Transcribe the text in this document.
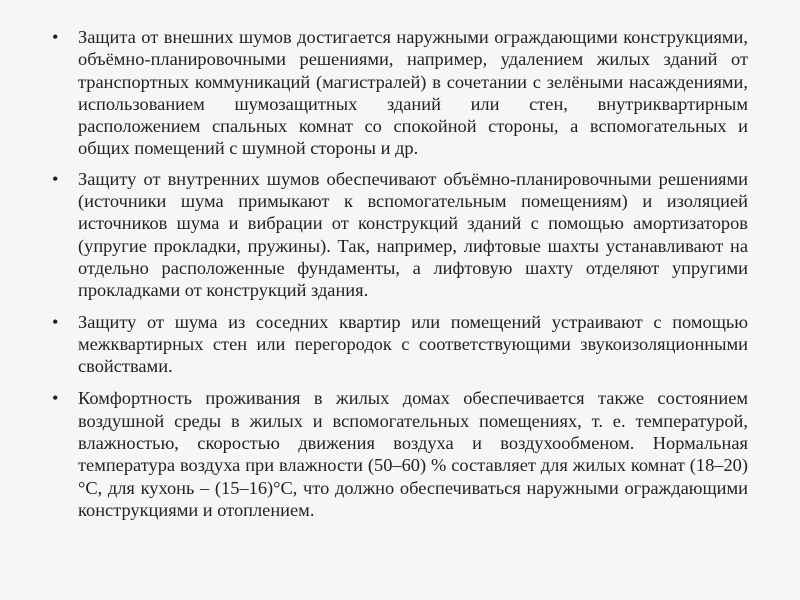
•	Защита от внешних шумов достигается наружными ограждающими конструкциями, объёмно-планировочными решениями, например, удалением жилых зданий от транспортных коммуникаций (магистралей) в сочетании с зелёными насаждениями, использованием шумозащитных зданий или стен, внутриквартирным расположением спальных комнат со спокойной стороны, а вспомогательных и общих помещений с шумной стороны и др.
•	Защиту от внутренних шумов обеспечивают объёмно-планировочными решениями (источники шума примыкают к вспомогательным помещениям) и изоляцией источников шума и вибрации от конструкций зданий с помощью амортизаторов (упругие прокладки, пружины). Так, например, лифтовые шахты устанавливают на отдельно расположенные фундаменты, а лифтовую шахту отделяют упругими прокладками от конструкций здания.
•	Защиту от шума из соседних квартир или помещений устраивают с помощью межквартирных стен или перегородок с соответствующими звукоизоляционными свойствами.
•	Комфортность проживания в жилых домах обеспечивается также состоянием воздушной среды в жилых и вспомогательных помещениях, т. е. температурой, влажностью, скоростью движения воздуха и воздухообменом. Нормальная температура воздуха при влажности (50–60) % составляет для жилых комнат (18–20)°С, для кухонь – (15–16)°С, что должно обеспечиваться наружными ограждающими конструкциями и отоплением.
